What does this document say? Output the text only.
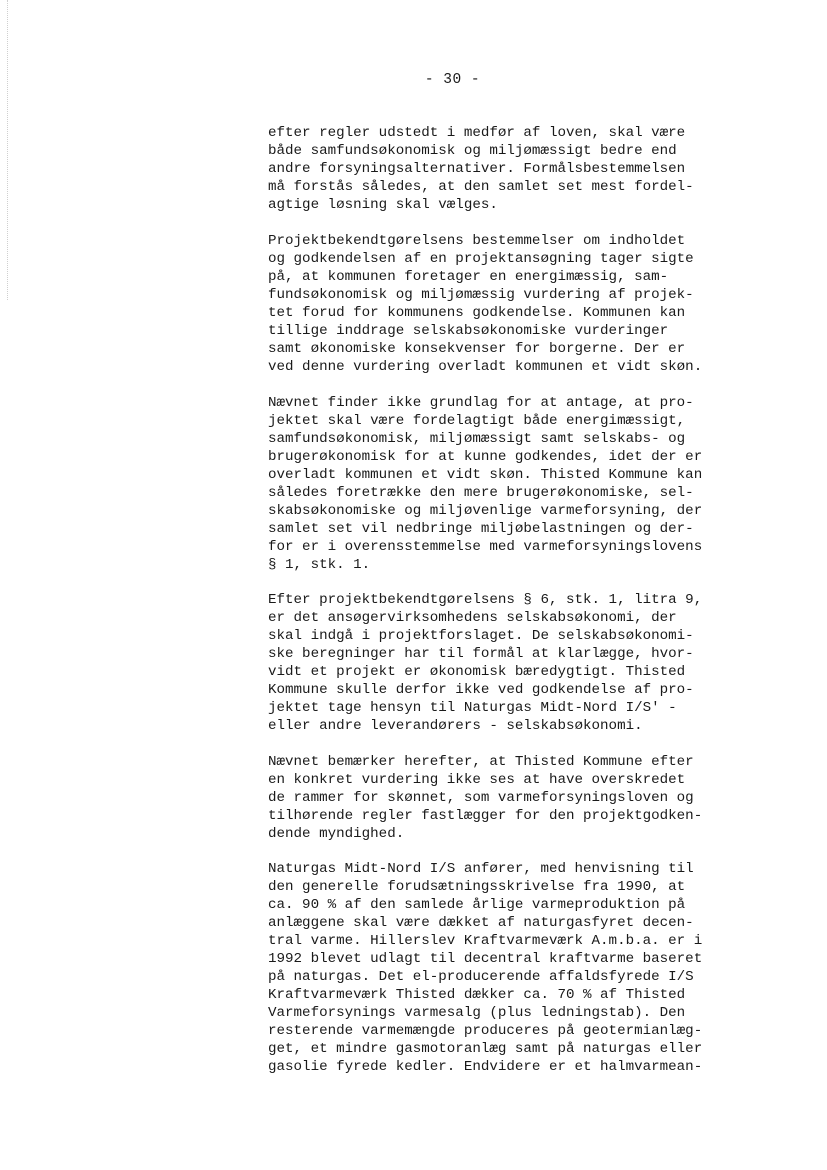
- 30 -
efter regler udstedt i medfør af loven, skal være
både samfundsøkonomisk og miljømæssigt bedre end
andre forsyningsalternativer. Formålsbestemmelsen
må forstås således, at den samlet set mest fordel-
agtige løsning skal vælges.
Projektbekendtgørelsens bestemmelser om indholdet
og godkendelsen af en projektansøgning tager sigte
på, at kommunen foretager en energimæssig, sam-
fundsøkonomisk og miljømæssig vurdering af projek-
tet forud for kommunens godkendelse. Kommunen kan
tillige inddrage selskabsøkonomiske vurderinger
samt økonomiske konsekvenser for borgerne. Der er
ved denne vurdering overladt kommunen et vidt skøn.
Nævnet finder ikke grundlag for at antage, at pro-
jektet skal være fordelagtigt både energimæssigt,
samfundsøkonomisk, miljømæssigt samt selskabs- og
brugerøkonomisk for at kunne godkendes, idet der er
overladt kommunen et vidt skøn. Thisted Kommune kan
således foretrække den mere brugerøkonomiske, sel-
skabsøkonomiske og miljøvenlige varmeforsyning, der
samlet set vil nedbringe miljøbelastningen og der-
for er i overensstemmelse med varmeforsyningslovens
§ 1, stk. 1.
Efter projektbekendtgørelsens § 6, stk. 1, litra 9,
er det ansøgervirksomhedens selskabsøkonomi, der
skal indgå i projektforslaget. De selskabsøkonomi-
ske beregninger har til formål at klarlægge, hvor-
vidt et projekt er økonomisk bæredygtigt. Thisted
Kommune skulle derfor ikke ved godkendelse af pro-
jektet tage hensyn til Naturgas Midt-Nord I/S' -
eller andre leverandørers - selskabsøkonomi.
Nævnet bemærker herefter, at Thisted Kommune efter
en konkret vurdering ikke ses at have overskredet
de rammer for skønnet, som varmeforsyningsloven og
tilhørende regler fastlægger for den projektgodken-
dende myndighed.
Naturgas Midt-Nord I/S anfører, med henvisning til
den generelle forudsætningsskrivelse fra 1990, at
ca. 90 % af den samlede årlige varmeproduktion på
anlæggene skal være dækket af naturgasfyret decen-
tral varme. Hillerslev Kraftvarmeværk A.m.b.a. er i
1992 blevet udlagt til decentral kraftvarme baseret
på naturgas. Det el-producerende affaldsfyrede I/S
Kraftvarmeværk Thisted dækker ca. 70 % af Thisted
Varmeforsynings varmesalg (plus ledningstab). Den
resterende varmemængde produceres på geotermianlæg-
get, et mindre gasmotoranlæg samt på naturgas eller
gasolie fyrede kedler. Endvidere er et halmvarmean-
